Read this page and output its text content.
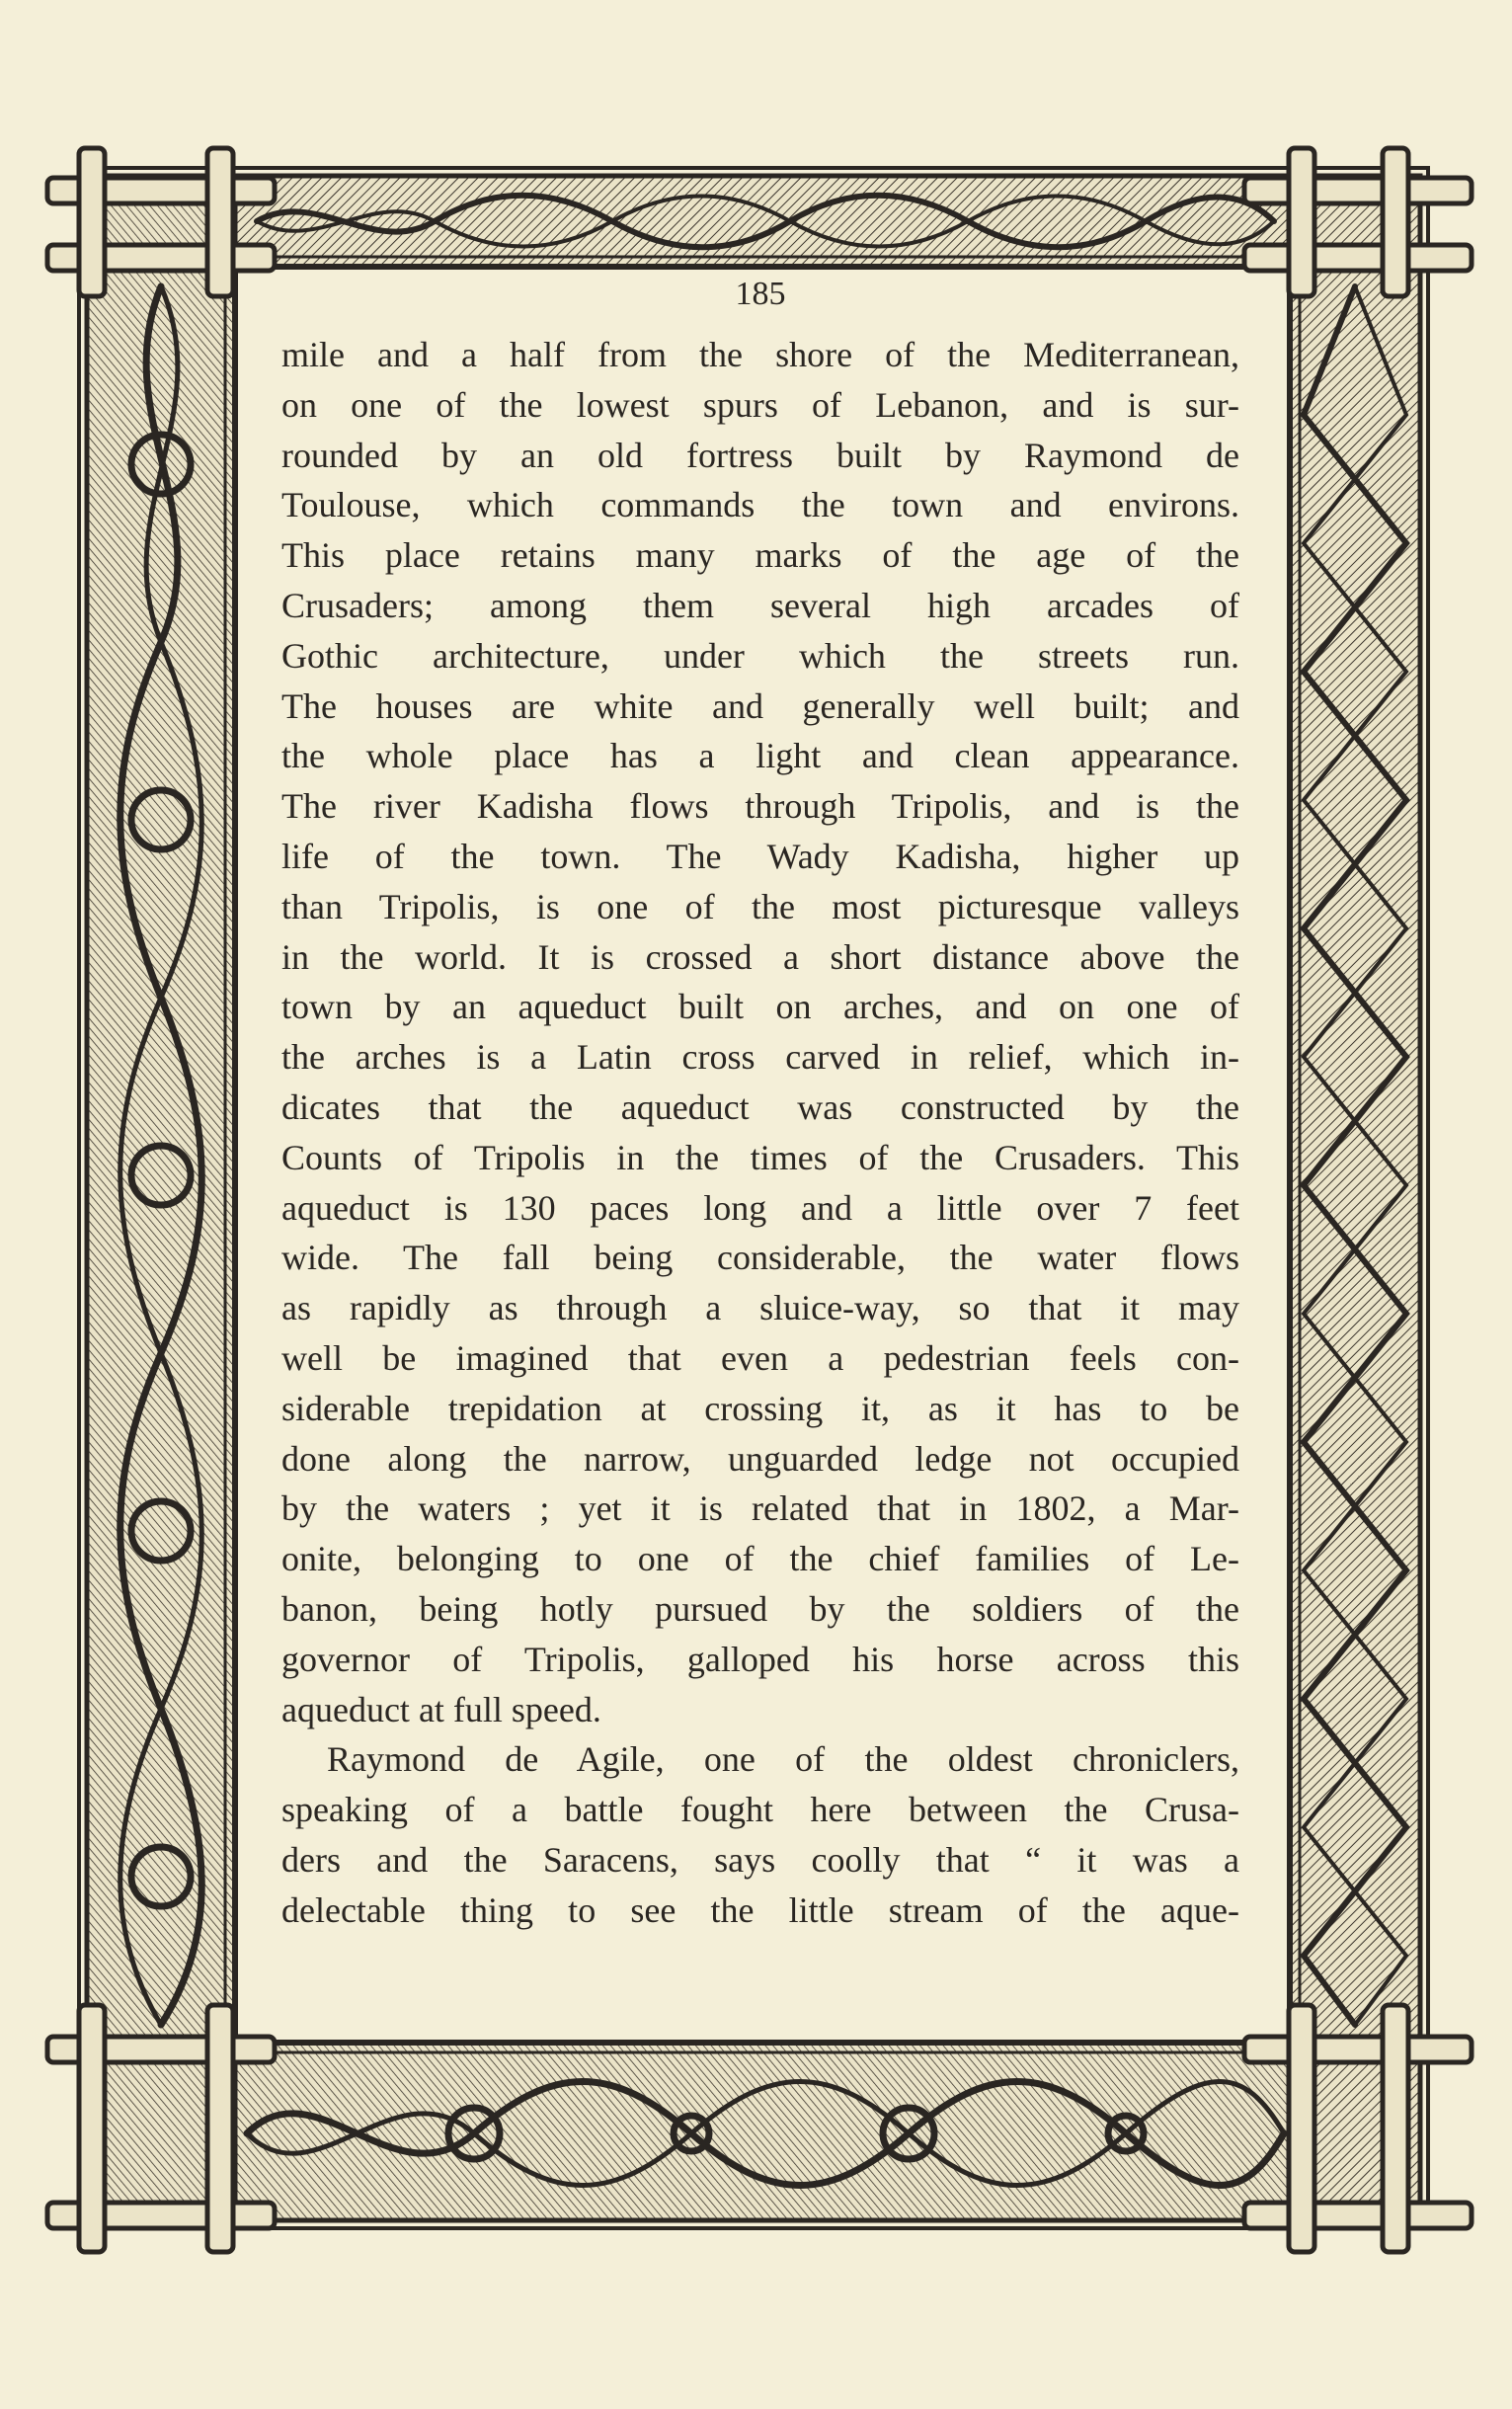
185
mile and a half from the shore of the Mediterranean,
on one of the lowest spurs of Lebanon, and is sur-
rounded by an old fortress built by Raymond de
Toulouse, which commands the town and environs.
This place retains many marks of the age of the
Crusaders; among them several high arcades of
Gothic architecture, under which the streets run.
The houses are white and generally well built; and
the whole place has a light and clean appearance.
The river Kadisha flows through Tripolis, and is the
life of the town. The Wady Kadisha, higher up
than Tripolis, is one of the most picturesque valleys
in the world. It is crossed a short distance above the
town by an aqueduct built on arches, and on one of
the arches is a Latin cross carved in relief, which in-
dicates that the aqueduct was constructed by the
Counts of Tripolis in the times of the Crusaders. This
aqueduct is 130 paces long and a little over 7 feet
wide. The fall being considerable, the water flows
as rapidly as through a sluice-way, so that it may
well be imagined that even a pedestrian feels con-
siderable trepidation at crossing it, as it has to be
done along the narrow, unguarded ledge not occupied
by the waters ; yet it is related that in 1802, a Mar-
onite, belonging to one of the chief families of Le-
banon, being hotly pursued by the soldiers of the
governor of Tripolis, galloped his horse across this
aqueduct at full speed.
Raymond de Agile, one of the oldest chroniclers,
speaking of a battle fought here between the Crusa-
ders and the Saracens, says coolly that “ it was a
delectable thing to see the little stream of the aque-
